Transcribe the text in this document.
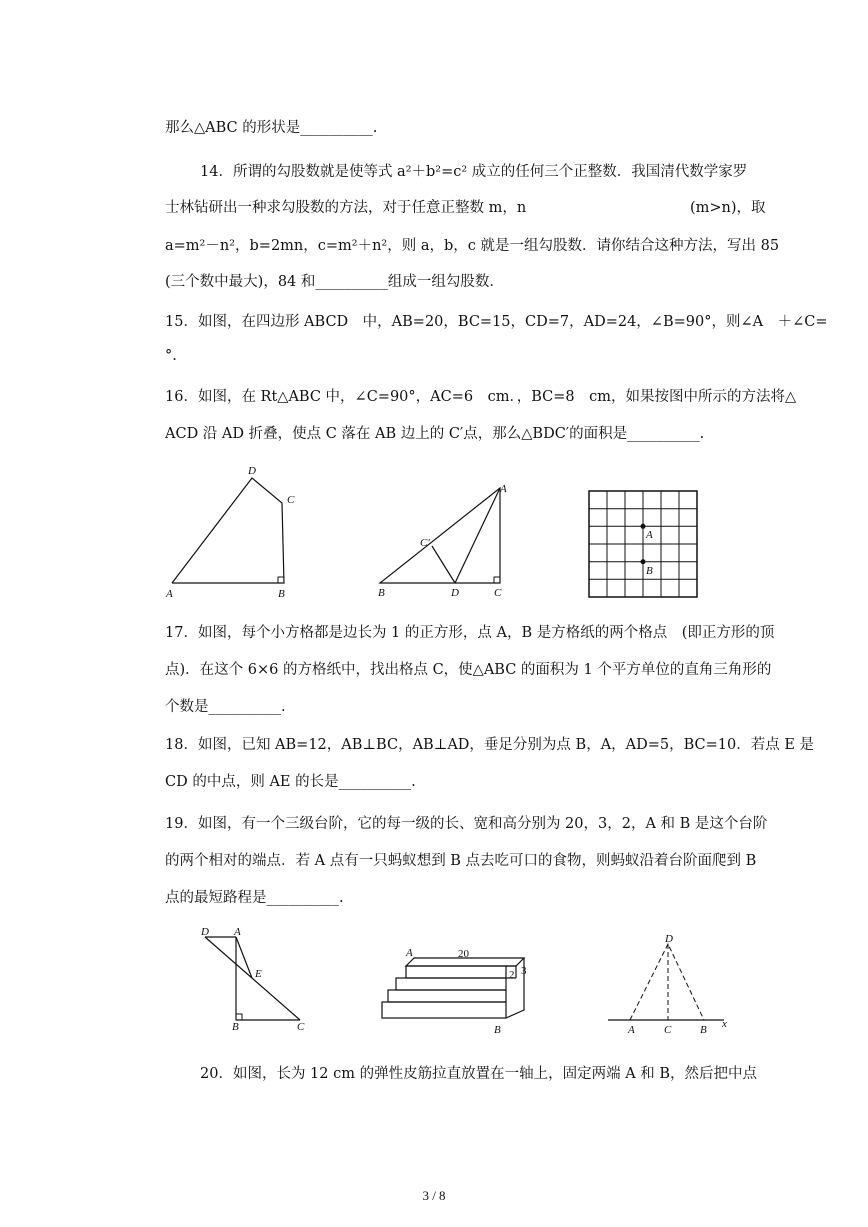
那么△ABC 的形状是__________.
14．所谓的勾股数就是使等式 a²＋b²=c² 成立的任何三个正整数．我国清代数学家罗
士林钻研出一种求勾股数的方法，对于任意正整数 m，n	(m>n)，取
a=m²－n²，b=2mn，c=m²＋n²，则 a，b，c 就是一组勾股数．请你结合这种方法，写出 85
(三个数中最大)，84 和__________组成一组勾股数．
15．如图，在四边形 ABCD　中，AB=20，BC=15，CD=7，AD=24，∠B=90°，则∠A　＋∠C=
°.
16．如图，在 Rt△ABC 中，∠C=90°，AC=6　cm．，BC=8　cm，如果按图中所示的方法将△
ACD 沿 AD 折叠，使点 C 落在 AB 边上的 C′点，那么△BDC′的面积是__________.
D
C
A	B
A
C′
B	D	C
A
B
17．如图，每个小方格都是边长为 1 的正方形，点 A，B 是方格纸的两个格点　(即正方形的顶
点)．在这个 6×6 的方格纸中，找出格点 C，使△ABC 的面积为 1 个平方单位的直角三角形的
个数是__________.
18．如图，已知 AB=12，AB⊥BC，AB⊥AD，垂足分别为点 B，A，AD=5，BC=10．若点 E 是
CD 的中点，则 AE 的长是__________.
19．如图，有一个三级台阶，它的每一级的长、宽和高分别为 20，3，2，A 和 B 是这个台阶
的两个相对的端点．若 A 点有一只蚂蚁想到 B 点去吃可口的食物，则蚂蚁沿着台阶面爬到 B
点的最短路程是__________.
D A
E
B	C
A	20
2 3
B
D
A	C	B x
20．如图，长为 12 cm 的弹性皮筋拉直放置在一轴上，固定两端 A 和 B，然后把中点
3 / 8
